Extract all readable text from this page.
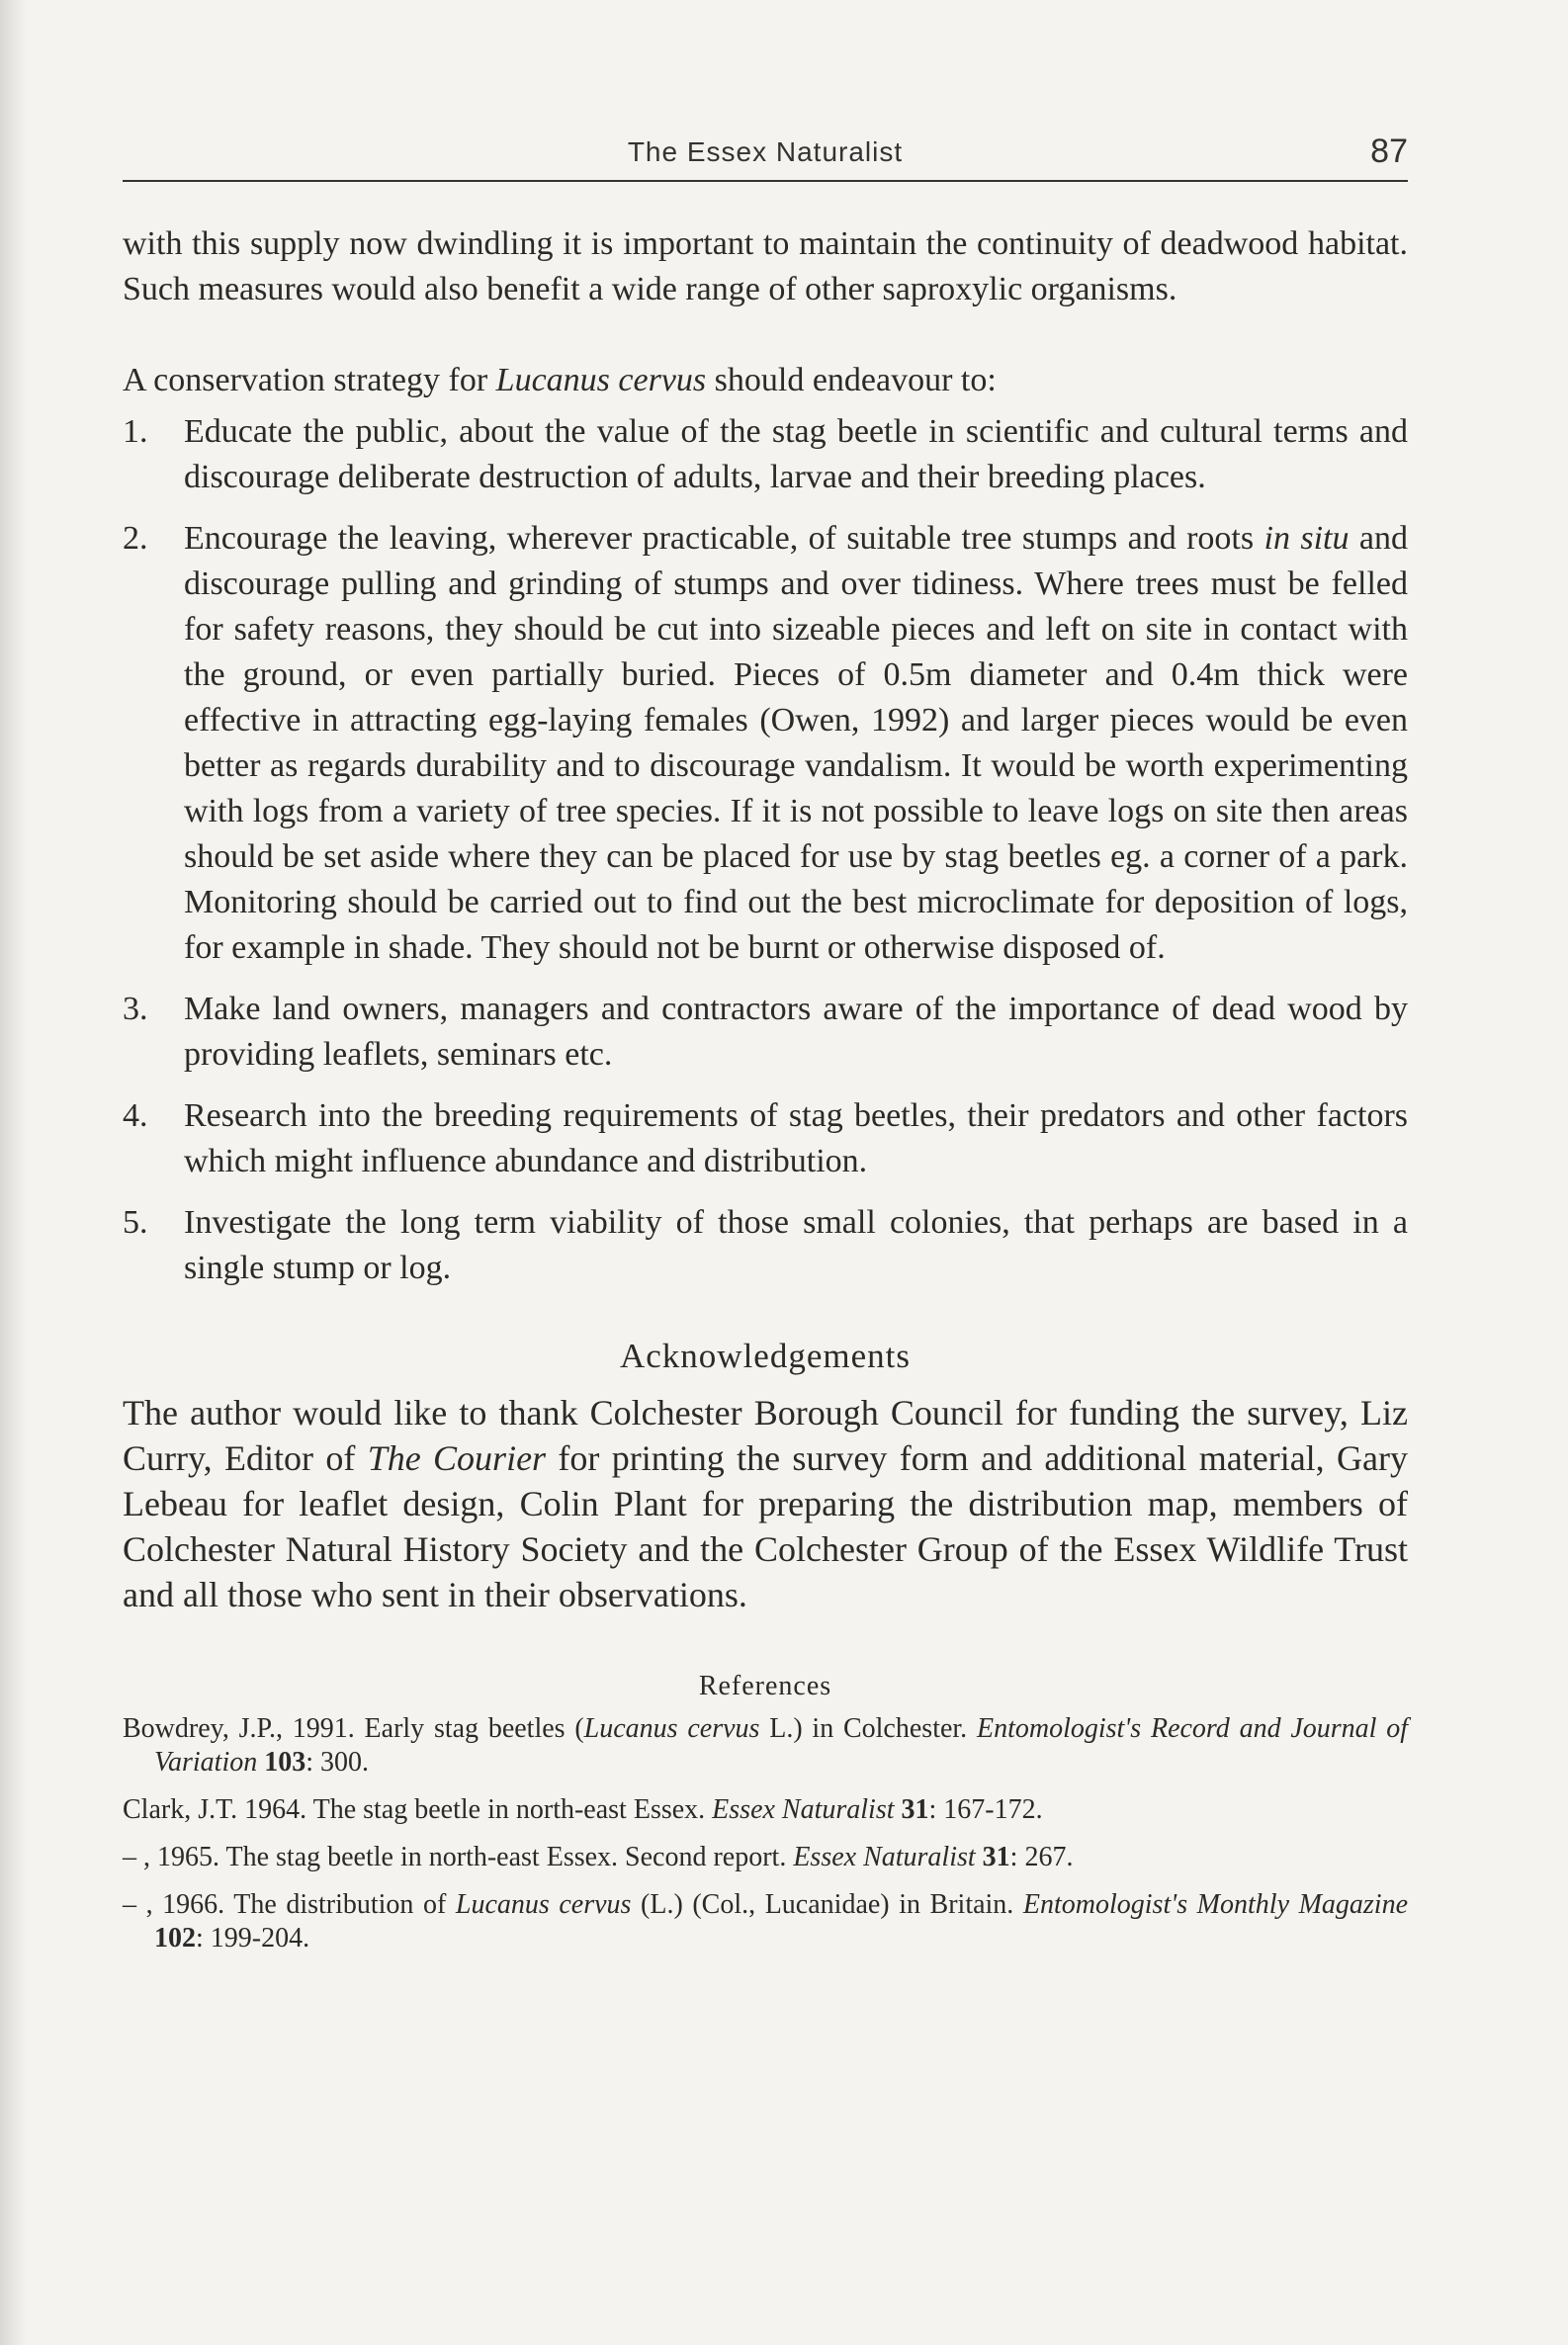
The Essex Naturalist	87

with this supply now dwindling it is important to maintain the continuity of deadwood habitat. Such measures would also benefit a wide range of other saproxylic organisms.

A conservation strategy for Lucanus cervus should endeavour to:

1. Educate the public, about the value of the stag beetle in scientific and cultural terms and discourage deliberate destruction of adults, larvae and their breeding places.
2. Encourage the leaving, wherever practicable, of suitable tree stumps and roots in situ and discourage pulling and grinding of stumps and over tidiness. Where trees must be felled for safety reasons, they should be cut into sizeable pieces and left on site in contact with the ground, or even partially buried. Pieces of 0.5m diameter and 0.4m thick were effective in attracting egg-laying females (Owen, 1992) and larger pieces would be even better as regards durability and to discourage vandalism. It would be worth experimenting with logs from a variety of tree species. If it is not possible to leave logs on site then areas should be set aside where they can be placed for use by stag beetles eg. a corner of a park. Monitoring should be carried out to find out the best microclimate for deposition of logs, for example in shade. They should not be burnt or otherwise disposed of.
3. Make land owners, managers and contractors aware of the importance of dead wood by providing leaflets, seminars etc.
4. Research into the breeding requirements of stag beetles, their predators and other factors which might influence abundance and distribution.
5. Investigate the long term viability of those small colonies, that perhaps are based in a single stump or log.
Acknowledgements

The author would like to thank Colchester Borough Council for funding the survey, Liz Curry, Editor of The Courier for printing the survey form and additional material, Gary Lebeau for leaflet design, Colin Plant for preparing the distribution map, members of Colchester Natural History Society and the Colchester Group of the Essex Wildlife Trust and all those who sent in their observations.

References

Bowdrey, J.P., 1991. Early stag beetles (Lucanus cervus L.) in Colchester. Entomologist's Record and Journal of Variation 103: 300.

Clark, J.T. 1964. The stag beetle in north-east Essex. Essex Naturalist 31: 167-172.

– , 1965. The stag beetle in north-east Essex. Second report. Essex Naturalist 31: 267.

– , 1966. The distribution of Lucanus cervus (L.) (Col., Lucanidae) in Britain. Entomologist's Monthly Magazine 102: 199-204.
